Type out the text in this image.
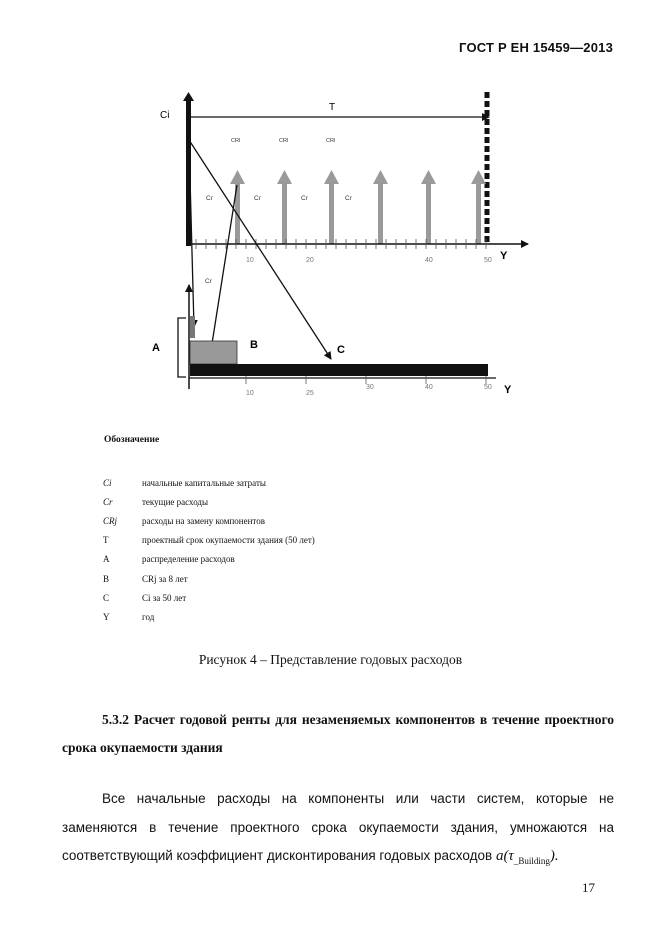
ГОСТ Р ЕН 15459—2013
Ci
T
CRl	CRl	CRl
Cr	Cr	Cr	Cr
10	20	40	50 Y
Cr
A	B	C
10	25
30	40	50 Y
Обозначение
Ci	начальные капитальные затраты
Cr	текущие расходы
CRj	расходы на замену компонентов
T	проектный срок окупаемости здания (50 лет)
A	распределение расходов
B	CRj за 8 лет
C	Ci за 50 лет
Y	год
Рисунок 4 – Представление годовых расходов
5.3.2 Расчет годовой ренты для незаменяемых компонентов в течение проектного срока окупаемости здания
Все начальные расходы на компоненты или части систем, которые не заменяются в течение проектного срока окупаемости здания, умножаются на соответствующий коэффициент дисконтирования годовых расходов $a(\tau_{\_Building})$.
17
